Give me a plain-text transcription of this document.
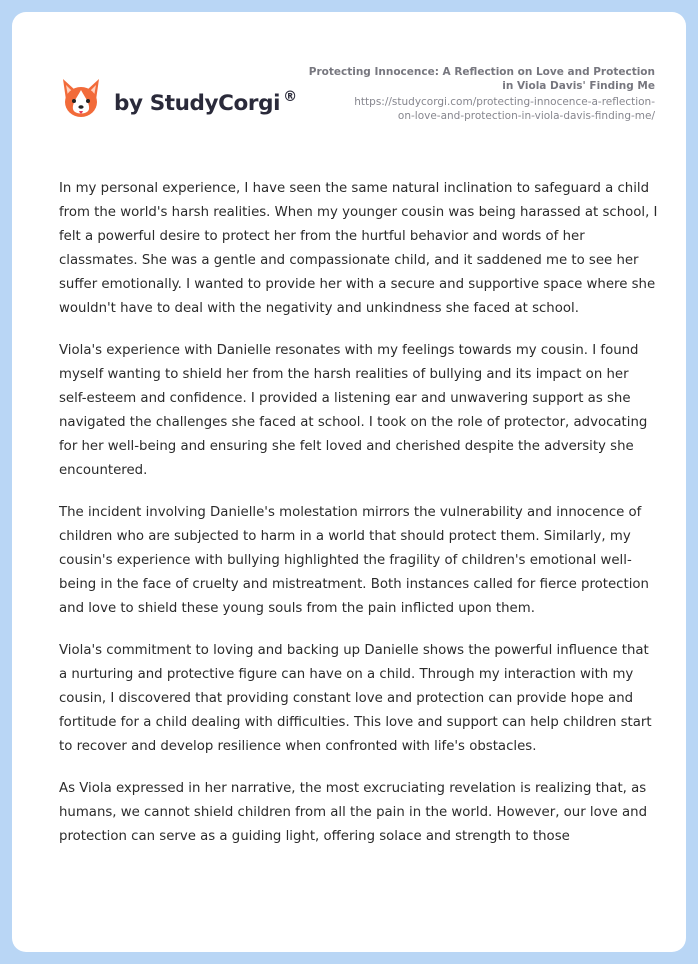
by StudyCorgi ®
Protecting Innocence: A Reflection on Love and Protection
in Viola Davis' Finding Me
https://studycorgi.com/protecting-innocence-a-reflection-
on-love-and-protection-in-viola-davis-finding-me/

In my personal experience, I have seen the same natural inclination to safeguard a child from the world's harsh realities. When my younger cousin was being harassed at school, I felt a powerful desire to protect her from the hurtful behavior and words of her classmates. She was a gentle and compassionate child, and it saddened me to see her suffer emotionally. I wanted to provide her with a secure and supportive space where she wouldn't have to deal with the negativity and unkindness she faced at school.

Viola's experience with Danielle resonates with my feelings towards my cousin. I found myself wanting to shield her from the harsh realities of bullying and its impact on her self-esteem and confidence. I provided a listening ear and unwavering support as she navigated the challenges she faced at school. I took on the role of protector, advocating for her well-being and ensuring she felt loved and cherished despite the adversity she encountered.

The incident involving Danielle's molestation mirrors the vulnerability and innocence of children who are subjected to harm in a world that should protect them. Similarly, my cousin's experience with bullying highlighted the fragility of children's emotional well-being in the face of cruelty and mistreatment. Both instances called for fierce protection and love to shield these young souls from the pain inflicted upon them.

Viola's commitment to loving and backing up Danielle shows the powerful influence that a nurturing and protective figure can have on a child. Through my interaction with my cousin, I discovered that providing constant love and protection can provide hope and fortitude for a child dealing with difficulties. This love and support can help children start to recover and develop resilience when confronted with life's obstacles.

As Viola expressed in her narrative, the most excruciating revelation is realizing that, as humans, we cannot shield children from all the pain in the world. However, our love and protection can serve as a guiding light, offering solace and strength to those
